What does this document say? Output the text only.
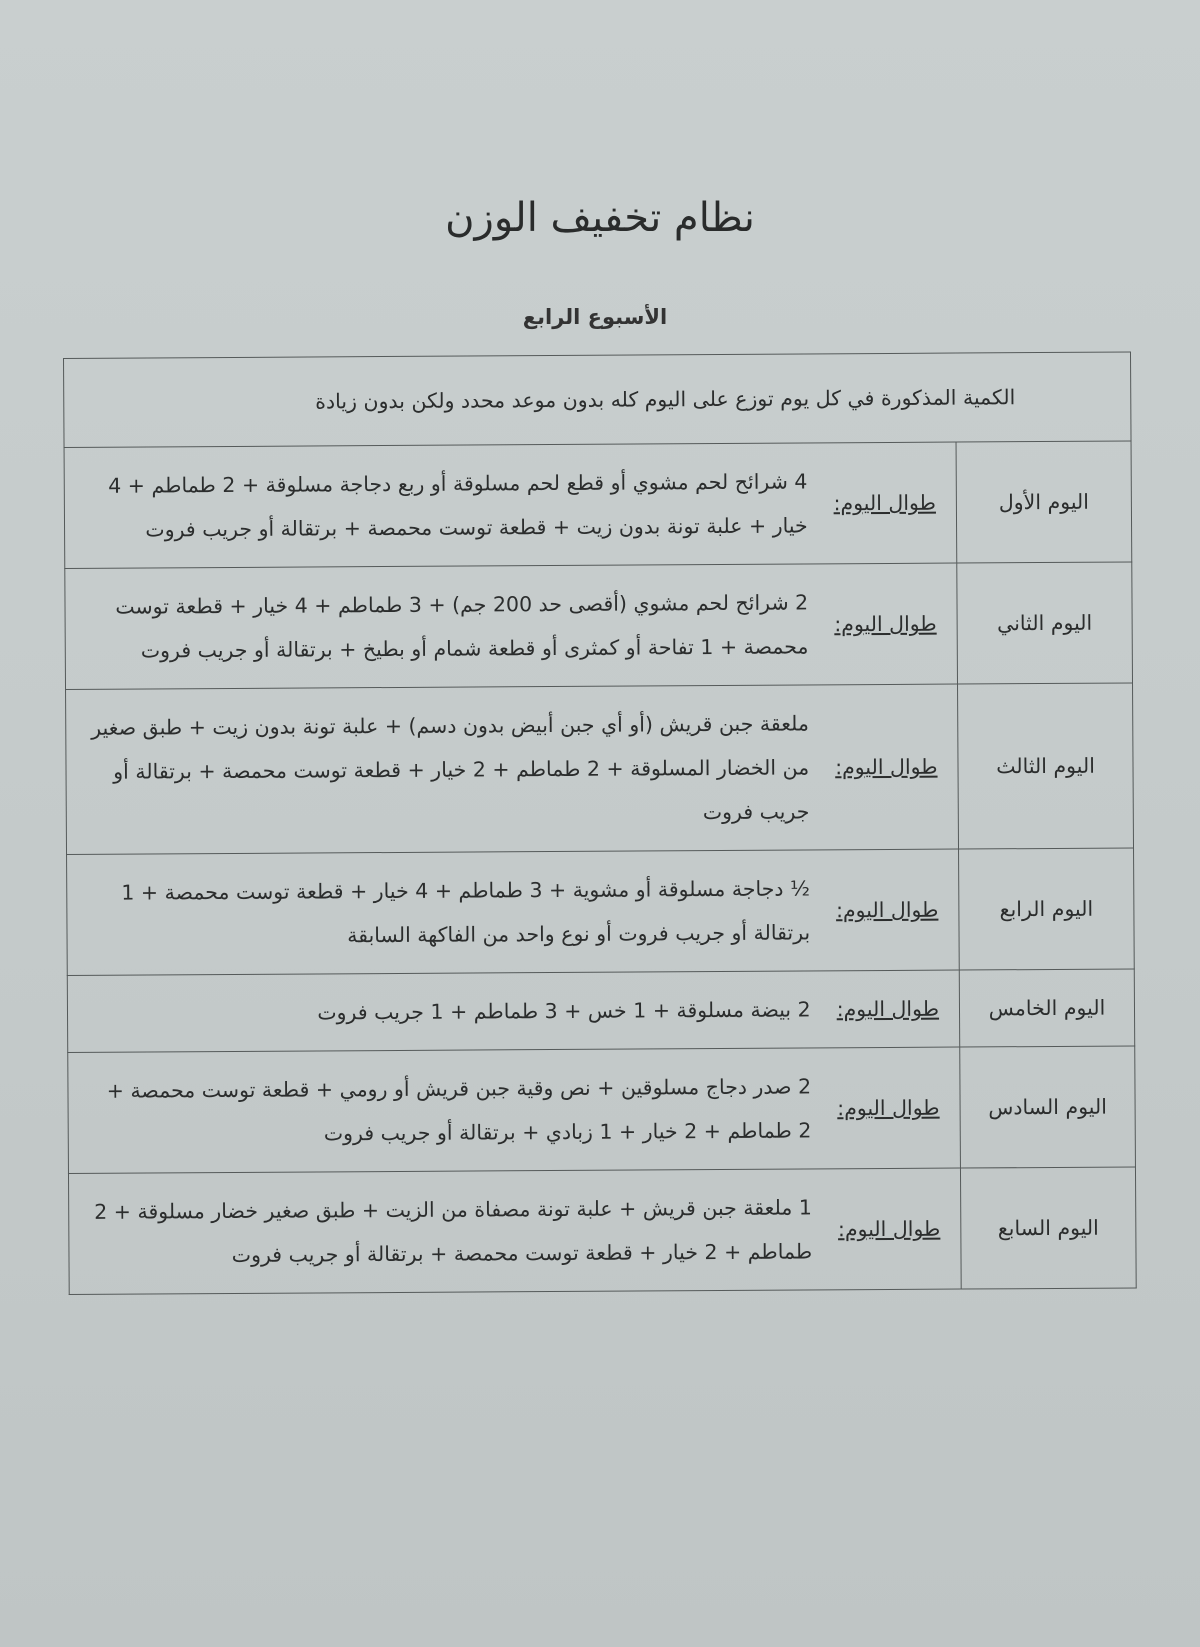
نظام تخفيف الوزن
الأسبوع الرابع
الكمية المذكورة في كل يوم توزع على اليوم كله بدون موعد محدد ولكن بدون زيادة	
اليوم الأول	طوال اليوم:
4 شرائح لحم مشوي أو قطع لحم مسلوقة أو ربع دجاجة مسلوقة + 2 طماطم + 4 خيار + علبة تونة بدون زيت + قطعة توست محمصة + برتقالة أو جريب فروت

اليوم الثاني	طوال اليوم:
2 شرائح لحم مشوي (أقصى حد 200 جم) + 3 طماطم + 4 خيار + قطعة توست محمصة + 1 تفاحة أو كمثرى أو قطعة شمام أو بطيخ + برتقالة أو جريب فروت

اليوم الثالث	طوال اليوم:
ملعقة جبن قريش (أو أي جبن أبيض بدون دسم) + علبة تونة بدون زيت + طبق صغير من الخضار المسلوقة + 2 طماطم + 2 خيار + قطعة توست محمصة + برتقالة أو جريب فروت

اليوم الرابع	طوال اليوم:
½ دجاجة مسلوقة أو مشوية + 3 طماطم + 4 خيار + قطعة توست محمصة + 1 برتقالة أو جريب فروت أو نوع واحد من الفاكهة السابقة

اليوم الخامس	طوال اليوم:
2 بيضة مسلوقة + 1 خس + 3 طماطم + 1 جريب فروت

اليوم السادس	طوال اليوم:
2 صدر دجاج مسلوقين + نص وقية جبن قريش أو رومي + قطعة توست محمصة + 2 طماطم + 2 خيار + 1 زبادي + برتقالة أو جريب فروت

اليوم السابع	طوال اليوم:
1 ملعقة جبن قريش + علبة تونة مصفاة من الزيت + طبق صغير خضار مسلوقة + 2 طماطم + 2 خيار + قطعة توست محمصة + برتقالة أو جريب فروت
